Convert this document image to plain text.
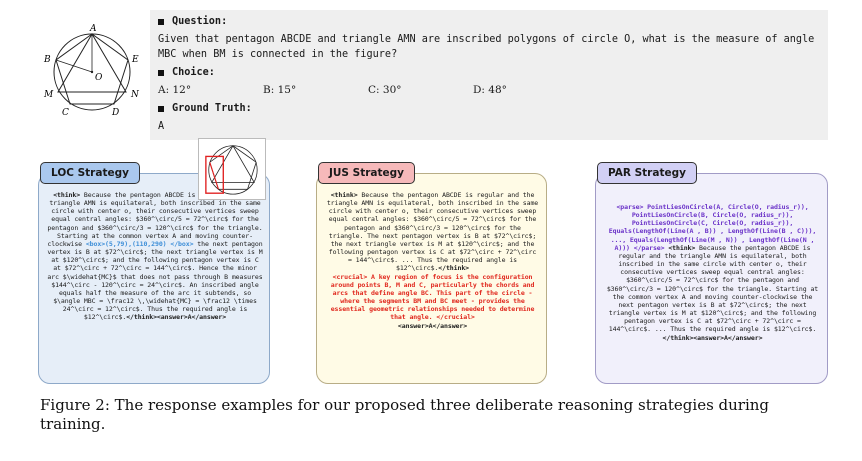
A
B	E
M	N
C	D
O
Question:
Given that pentagon ABCDE and triangle AMN are inscribed polygons of circle O, what is the measure of angle MBC when BM is connected in the figure?
Choice:
A: 12°	B: 15°	C: 30°	D: 48°
Ground Truth:
A
LOC Strategy
<think> Because the pentagon ABCDE is regular and the triangle AMN is equilateral, both inscribed in the same circle with center o, their consecutive vertices sweep equal central angles: $360^\circ/5 = 72^\circ$ for the pentagon and $360^\circ/3 = 120^\circ$ for the triangle. Starting at the common vertex A and moving counter-clockwise <box>(5,79),(110,290) </box> the next pentagon vertex is B at $72^\circ$; the next triangle vertex is M at $120^\circ$; and the following pentagon vertex is C at $72^\circ + 72^\circ = 144^\circ$. Hence the minor arc $\widehat{MC}$ that does not pass through B measures $144^\circ - 120^\circ = 24^\circ$. An inscribed angle equals half the measure of the arc it subtends, so $\angle MBC = \frac12 \,\widehat{MC} = \frac12 \times 24^\circ = 12^\circ$. Thus the required angle is $12^\circ$.</think><answer>A</answer>
JUS Strategy
<think> Because the pentagon ABCDE is regular and the triangle AMN is equilateral, both inscribed in the same circle with center o, their consecutive vertices sweep equal central angles: $360^\circ/5 = 72^\circ$ for the pentagon and $360^\circ/3 = 120^\circ$ for the triangle. The next pentagon vertex is B at $72^\circ$; the next triangle vertex is M at $120^\circ$; and the following pentagon vertex is C at $72^\circ + 72^\circ = 144^\circ$. ... Thus the required angle is $12^\circ$.</think>
<crucial> A key region of focus is the configuration around points B, M and C, particularly the chords and arcs that define angle BC. This part of the circle - where the segments BM and BC meet - provides the essential geometric relationships needed to determine that angle. </crucial>
<answer>A</answer>
PAR Strategy
<parse> PointLiesOnCircle(A, Circle(O, radius_r)), PointLiesOnCircle(B, Circle(O, radius_r)), PointLiesOnCircle(C, Circle(O, radius_r)), Equals(LengthOf(Line(A , B)) , LengthOf(Line(B , C))), ..., Equals(LengthOf(Line(M , N)) , LengthOf(Line(N , A))) </parse> <think> Because the pentagon ABCDE is regular and the triangle AMN is equilateral, both inscribed in the same circle with center o, their consecutive vertices sweep equal central angles: $360^\circ/5 = 72^\circ$ for the pentagon and $360^\circ/3 = 120^\circ$ for the triangle. Starting at the common vertex A and moving counter-clockwise the next pentagon vertex is B at $72^\circ$; the next triangle vertex is M at $120^\circ$; and the following pentagon vertex is C at $72^\circ + 72^\circ = 144^\circ$. ... Thus the required angle is $12^\circ$.
</think><answer>A</answer>
Figure 2: The response examples for our proposed three deliberate reasoning strategies during training.
